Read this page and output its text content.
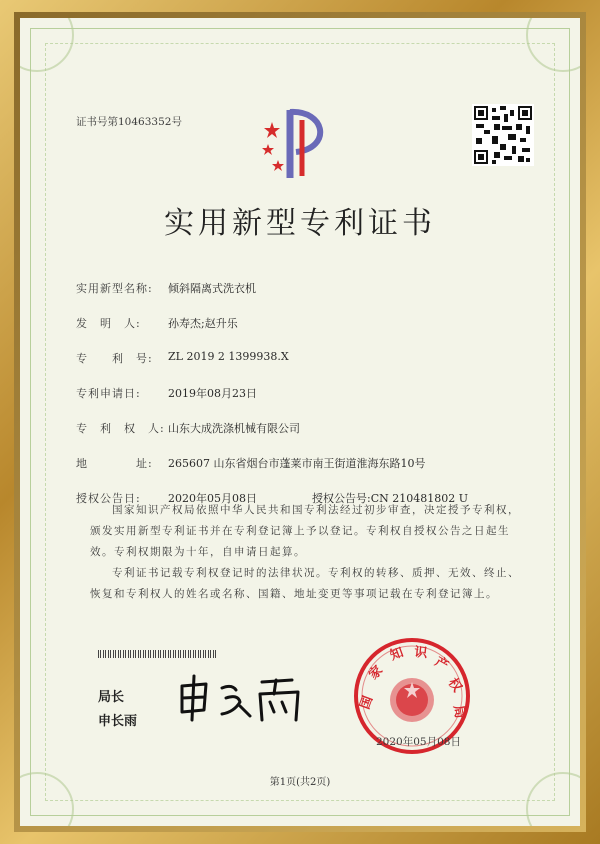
证书号第10463352号
实用新型专利证书
实用新型名称: 倾斜隔离式洗衣机
发　明　人: 孙寿杰;赵升乐
专　　利　号: ZL 2019 2 1399938.X
专利申请日: 2019年08月23日
专　利　权　人: 山东大成洗涤机械有限公司
地　　　　址: 265607 山东省烟台市蓬莱市南王街道淮海东路10号
授权公告日: 2020年05月08日	授权公告号:CN 210481802 U
国家知识产权局依照中华人民共和国专利法经过初步审查，决定授予专利权，颁发实用新型专利证书并在专利登记簿上予以登记。专利权自授权公告之日起生效。专利权期限为十年，自申请日起算。
专利证书记载专利权登记时的法律状况。专利权的转移、质押、无效、终止、恢复和专利权人的姓名或名称、国籍、地址变更等事项记载在专利登记簿上。
局长
申长雨
国
家
知 识
产
权
局
2020年05月08日
第1页(共2页)
